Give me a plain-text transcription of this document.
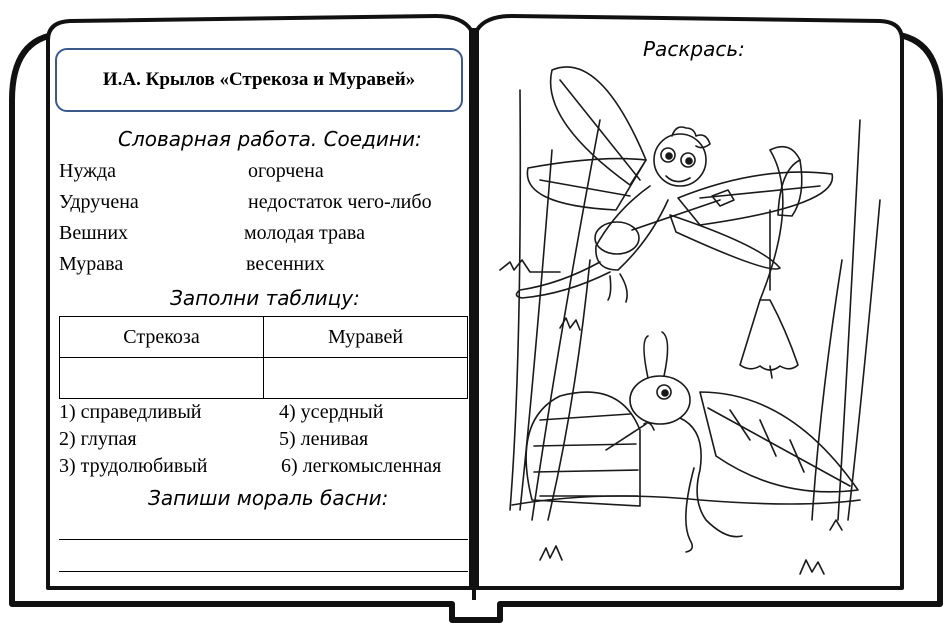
И.А. Крылов «Стрекоза и Муравей»
Словарная работа. Соедини:
Нужда	огорчена
Удручена	недостаток чего-либо
Вешних	молодая трава
Мурава	весенних
Заполни таблицу:
Стрекоза	Муравей

1) справедливый	4) усердный
2) глупая	5) ленивая
3) трудолюбивый	6) легкомысленная
Запиши мораль басни:
Раскрась:
